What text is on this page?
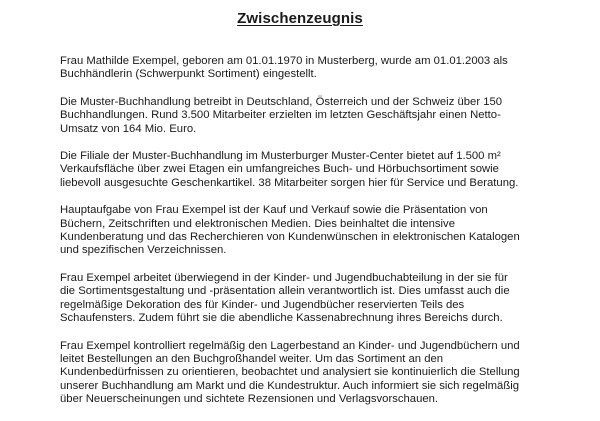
Zwischenzeugnis

Frau Mathilde Exempel, geboren am 01.01.1970 in Musterberg, wurde am 01.01.2003 als
Buchhändlerin (Schwerpunkt Sortiment) eingestellt.

Die Muster-Buchhandlung betreibt in Deutschland, Österreich und der Schweiz über 150
Buchhandlungen. Rund 3.500 Mitarbeiter erzielten im letzten Geschäftsjahr einen Netto-
Umsatz von 164 Mio. Euro.

Die Filiale der Muster-Buchhandlung im Musterburger Muster-Center bietet auf 1.500 m²
Verkaufsfläche über zwei Etagen ein umfangreiches Buch- und Hörbuchsortiment sowie
liebevoll ausgesuchte Geschenkartikel. 38 Mitarbeiter sorgen hier für Service und Beratung.

Hauptaufgabe von Frau Exempel ist der Kauf und Verkauf sowie die Präsentation von
Büchern, Zeitschriften und elektronischen Medien. Dies beinhaltet die intensive
Kundenberatung und das Recherchieren von Kundenwünschen in elektronischen Katalogen
und spezifischen Verzeichnissen.

Frau Exempel arbeitet überwiegend in der Kinder- und Jugendbuchabteilung in der sie für
die Sortimentsgestaltung und -präsentation allein verantwortlich ist. Dies umfasst auch die
regelmäßige Dekoration des für Kinder- und Jugendbücher reservierten Teils des
Schaufensters. Zudem führt sie die abendliche Kassenabrechnung ihres Bereichs durch.

Frau Exempel kontrolliert regelmäßig den Lagerbestand an Kinder- und Jugendbüchern und
leitet Bestellungen an den Buchgroßhandel weiter. Um das Sortiment an den
Kundenbedürfnissen zu orientieren, beobachtet und analysiert sie kontinuierlich die Stellung
unserer Buchhandlung am Markt und die Kundestruktur. Auch informiert sie sich regelmäßig
über Neuerscheinungen und sichtete Rezensionen und Verlagsvorschauen.
